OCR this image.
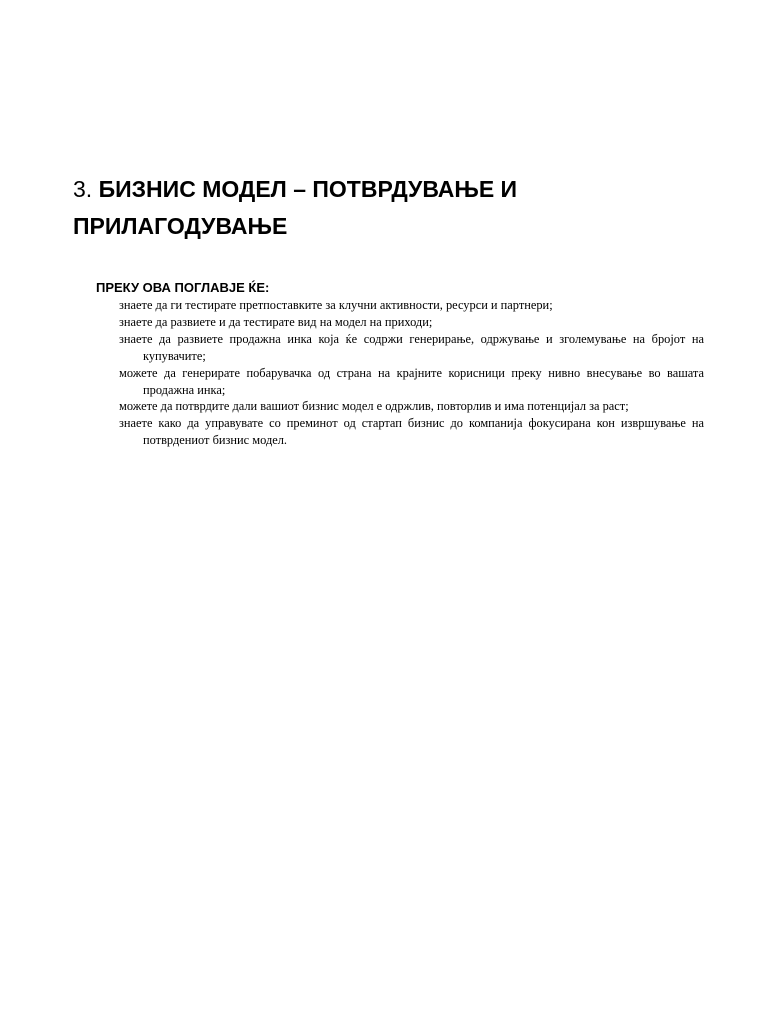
3. БИЗНИС МОДЕЛ – ПОТВРДУВАЊЕ И ПРИЛАГОДУВАЊЕ
ПРЕКУ ОВА ПОГЛАВЈЕ ЌЕ:
знаете да ги тестирате претпоставките за клучни активности, ресурси и партнери;
знаете да развиете и да тестирате вид на модел на приходи;
знаете да развиете продажна инка која ќе содржи генерирање, одржување и зголемување на бројот на купувачите;
можете да генерирате побарувачка од страна на крајните корисници преку нивно внесување во вашата продажна инка;
можете да потврдите дали вашиот бизнис модел е одржлив, повторлив и има потенцијал за раст;
знаете како да управувате со преминот од стартап бизнис до компанија фокусирана кон извршување на потврдениот бизнис модел.
